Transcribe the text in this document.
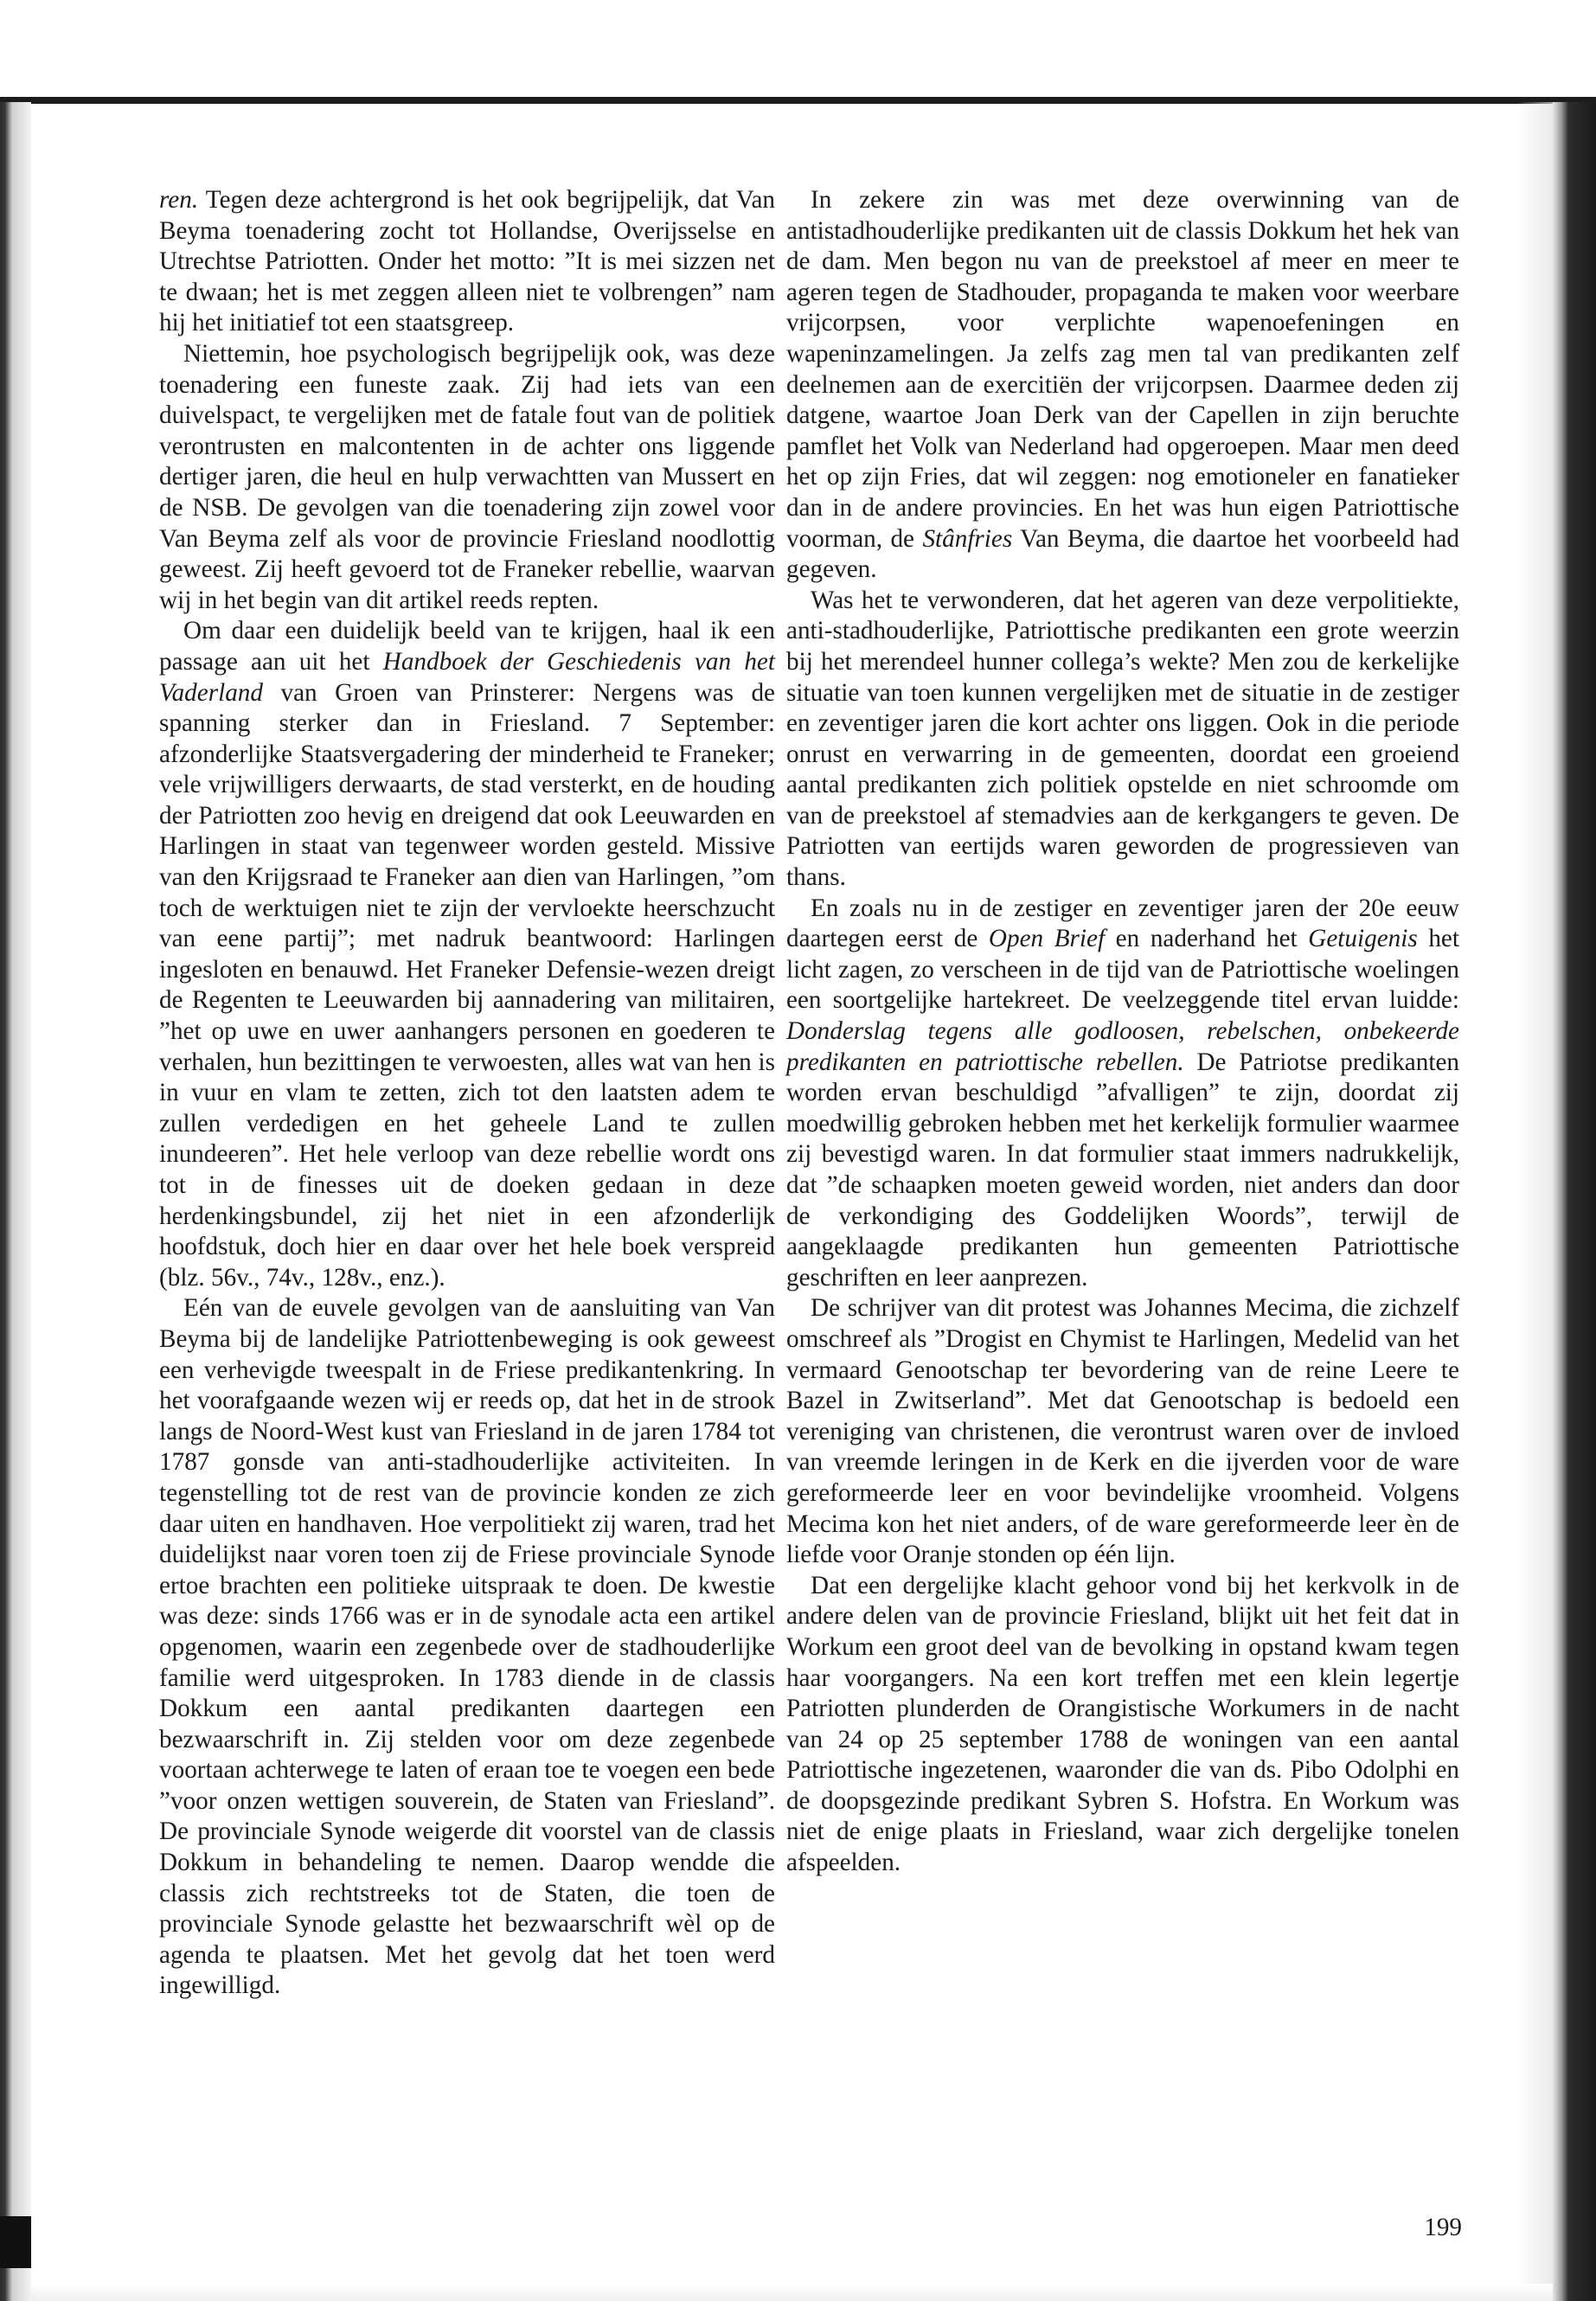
ren. Tegen deze achtergrond is het ook begrijpelijk, dat Van Beyma toenadering zocht tot Hollandse, Overijsselse en Utrechtse Patriotten. Onder het motto: ”It is mei sizzen net te dwaan; het is met zeggen alleen niet te volbrengen” nam hij het initiatief tot een staatsgreep.

Niettemin, hoe psychologisch begrijpelijk ook, was deze toenadering een funeste zaak. Zij had iets van een duivelspact, te vergelijken met de fatale fout van de politiek verontrusten en malcontenten in de achter ons liggende dertiger jaren, die heul en hulp verwachtten van Mussert en de NSB. De gevolgen van die toenadering zijn zowel voor Van Beyma zelf als voor de provincie Friesland noodlottig geweest. Zij heeft gevoerd tot de Franeker rebellie, waarvan wij in het begin van dit artikel reeds repten.

Om daar een duidelijk beeld van te krijgen, haal ik een passage aan uit het Handboek der Geschiedenis van het Vaderland van Groen van Prinsterer: Nergens was de spanning sterker dan in Friesland. 7 September: afzonderlijke Staatsvergadering der minderheid te Franeker; vele vrijwilligers derwaarts, de stad versterkt, en de houding der Patriotten zoo hevig en dreigend dat ook Leeuwarden en Harlingen in staat van tegenweer worden gesteld. Missive van den Krijgsraad te Franeker aan dien van Harlingen, ”om toch de werktuigen niet te zijn der vervloekte heerschzucht van eene partij”; met nadruk beantwoord: Harlingen ingesloten en benauwd. Het Franeker Defensie-wezen dreigt de Regenten te Leeuwarden bij aannadering van militairen, ”het op uwe en uwer aanhangers personen en goederen te verhalen, hun bezittingen te verwoesten, alles wat van hen is in vuur en vlam te zetten, zich tot den laatsten adem te zullen verdedigen en het geheele Land te zullen inundeeren”. Het hele verloop van deze rebellie wordt ons tot in de finesses uit de doeken gedaan in deze herdenkingsbundel, zij het niet in een afzonderlijk hoofdstuk, doch hier en daar over het hele boek verspreid (blz. 56v., 74v., 128v., enz.).

Eén van de euvele gevolgen van de aansluiting van Van Beyma bij de landelijke Patriottenbeweging is ook geweest een verhevigde tweespalt in de Friese predikantenkring. In het voorafgaande wezen wij er reeds op, dat het in de strook langs de Noord-West kust van Friesland in de jaren 1784 tot 1787 gonsde van anti-stadhouderlijke activiteiten. In tegenstelling tot de rest van de provincie konden ze zich daar uiten en handhaven. Hoe verpolitiekt zij waren, trad het duidelijkst naar voren toen zij de Friese provinciale Synode ertoe brachten een politieke uitspraak te doen. De kwestie was deze: sinds 1766 was er in de synodale acta een artikel opgenomen, waarin een zegenbede over de stadhouderlijke familie werd uitgesproken. In 1783 diende in de classis Dokkum een aantal predikanten daartegen een bezwaarschrift in. Zij stelden voor om deze zegenbede voortaan achterwege te laten of eraan toe te voegen een bede ”voor onzen wettigen souverein, de Staten van Friesland”. De provinciale Synode weigerde dit voorstel van de classis Dokkum in behandeling te nemen. Daarop wendde die classis zich rechtstreeks tot de Staten, die toen de provinciale Synode gelastte het bezwaarschrift wèl op de agenda te plaatsen. Met het gevolg dat het toen werd ingewilligd.

In zekere zin was met deze overwinning van de antistadhouderlijke predikanten uit de classis Dokkum het hek van de dam. Men begon nu van de preekstoel af meer en meer te ageren tegen de Stadhouder, propaganda te maken voor weerbare vrijcorpsen, voor verplichte wapenoefeningen en wapeninzamelingen. Ja zelfs zag men tal van predikanten zelf deelnemen aan de exercitiën der vrijcorpsen. Daarmee deden zij datgene, waartoe Joan Derk van der Capellen in zijn beruchte pamflet het Volk van Nederland had opgeroepen. Maar men deed het op zijn Fries, dat wil zeggen: nog emotioneler en fanatieker dan in de andere provincies. En het was hun eigen Patriottische voorman, de Stânfries Van Beyma, die daartoe het voorbeeld had gegeven.

Was het te verwonderen, dat het ageren van deze verpolitiekte, anti-stadhouderlijke, Patriottische predikanten een grote weerzin bij het merendeel hunner collega’s wekte? Men zou de kerkelijke situatie van toen kunnen vergelijken met de situatie in de zestiger en zeventiger jaren die kort achter ons liggen. Ook in die periode onrust en verwarring in de gemeenten, doordat een groeiend aantal predikanten zich politiek opstelde en niet schroomde om van de preekstoel af stemadvies aan de kerkgangers te geven. De Patriotten van eertijds waren geworden de progressieven van thans.

En zoals nu in de zestiger en zeventiger jaren der 20e eeuw daartegen eerst de Open Brief en naderhand het Getuigenis het licht zagen, zo verscheen in de tijd van de Patriottische woelingen een soortgelijke hartekreet. De veelzeggende titel ervan luidde: Donderslag tegens alle godloosen, rebelschen, onbekeerde predikanten en patriottische rebellen. De Patriotse predikanten worden ervan beschuldigd ”afvalligen” te zijn, doordat zij moedwillig gebroken hebben met het kerkelijk formulier waarmee zij bevestigd waren. In dat formulier staat immers nadrukkelijk, dat ”de schaapken moeten geweid worden, niet anders dan door de verkondiging des Goddelijken Woords”, terwijl de aangeklaagde predikanten hun gemeenten Patriottische geschriften en leer aanprezen.

De schrijver van dit protest was Johannes Mecima, die zichzelf omschreef als ”Drogist en Chymist te Harlingen, Medelid van het vermaard Genootschap ter bevordering van de reine Leere te Bazel in Zwitserland”. Met dat Genootschap is bedoeld een vereniging van christenen, die verontrust waren over de invloed van vreemde leringen in de Kerk en die ijverden voor de ware gereformeerde leer en voor bevindelijke vroomheid. Volgens Mecima kon het niet anders, of de ware gereformeerde leer èn de liefde voor Oranje stonden op één lijn.

Dat een dergelijke klacht gehoor vond bij het kerkvolk in de andere delen van de provincie Friesland, blijkt uit het feit dat in Workum een groot deel van de bevolking in opstand kwam tegen haar voorgangers. Na een kort treffen met een klein legertje Patriotten plunderden de Orangistische Workumers in de nacht van 24 op 25 september 1788 de woningen van een aantal Patriottische ingezetenen, waaronder die van ds. Pibo Odolphi en de doopsgezinde predikant Sybren S. Hofstra. En Workum was niet de enige plaats in Friesland, waar zich dergelijke tonelen afspeelden.

199
